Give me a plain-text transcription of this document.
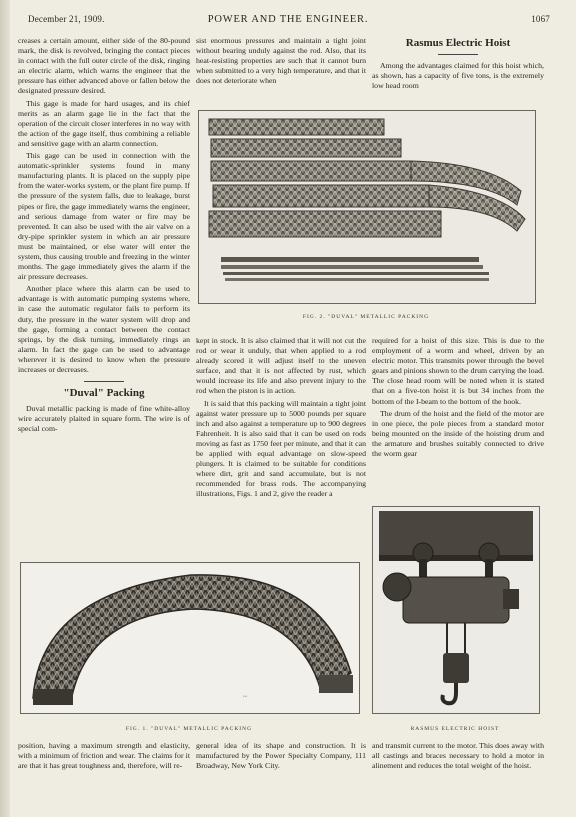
December 21, 1909.	POWER AND THE ENGINEER.	1067

creases a certain amount, either side of the 80-pound mark, the disk is revolved, bringing the contact pieces in contact with the full outer circle of the disk, ringing an electric alarm, which warns the engineer that the pressure has either advanced above or fallen below the designated pressure desired.

This gage is made for hard usages, and its chief merits as an alarm gage lie in the fact that the operation of the circuit closer interferes in no way with the action of the gage itself, thus combining a reliable and sensitive gage with an alarm connection.

This gage can be used in connection with the automatic-sprinkler systems found in many manufacturing plants. It is placed on the supply pipe from the water-works system, or the plant fire pump. If the pressure of the system falls, due to leakage, burst pipes or fire, the gage immediately warns the engineer, and serious damage from water or fire may be prevented. It can also be used with the air valve on a dry-pipe sprinkler system in which an air pressure must be maintained, or else water will enter the system, thus causing trouble and freezing in the winter months. The gage immediately gives the alarm if the air pressure decreases.

Another place where this alarm can be used to advantage is with automatic pumping systems where, in case the automatic regulator fails to perform its duty, the pressure in the water system will drop and the gage, forming a contact between the contact springs, by the disk turning, immediately rings an alarm. In fact the gage can be used to advantage wherever it is desired to know when the pressure increases or decreases.

"Duval" Packing

Duval metallic packing is made of fine white-alloy wire accurately plaited in square form. The wire is of special com-

sist enormous pressures and maintain a tight joint without bearing unduly against the rod. Also, that its heat-resisting properties are such that it cannot burn when submitted to a very high temperature, and that it does not deteriorate when

Rasmus Electric Hoist

Among the advantages claimed for this hoist which, as shown, has a capacity of five tons, is the extremely low head room

FIG. 2. "DUVAL" METALLIC PACKING

kept in stock. It is also claimed that it will not cut the rod or wear it unduly, that when applied to a rod already scored it will adjust itself to the uneven surface, and that it is not affected by rust, which would increase its life and also prevent injury to the rod when the piston is in action.

It is said that this packing will maintain a tight joint against water pressure up to 5000 pounds per square inch and also against a temperature up to 900 degrees Fahrenheit. It is also said that it can be used on rods moving as fast as 1750 feet per minute, and that it can be applied with equal advantage on slow-speed plungers. It is claimed to be suitable for conditions where dirt, grit and sand accumulate, but is not recommended for brass rods. The accompanying illustrations, Figs. 1 and 2, give the reader a

required for a hoist of this size. This is due to the employment of a worm and wheel, driven by an electric motor. This transmits power through the bevel gears and pinions shown to the drum carrying the load. The close head room will be noted when it is stated that on a five-ton hoist it is but 34 inches from the bottom of the I-beam to the bottom of the hook.

The drum of the hoist and the field of the motor are in one piece, the pole pieces from a standard motor being mounted on the inside of the hoisting drum and the armature and brushes suitably connected to drive the worm gear

~
FIG. 1. "DUVAL" METALLIC PACKING	RASMUS ELECTRIC HOIST

position, having a maximum strength and elasticity, with a minimum of friction and wear. The claims for it are that it has great toughness and, therefore, will re-

general idea of its shape and construction. It is manufactured by the Power Specialty Company, 111 Broadway, New York City.

and transmit current to the motor. This does away with all castings and braces necessary to hold a motor in alinement and reduces the total weight of the hoist.
